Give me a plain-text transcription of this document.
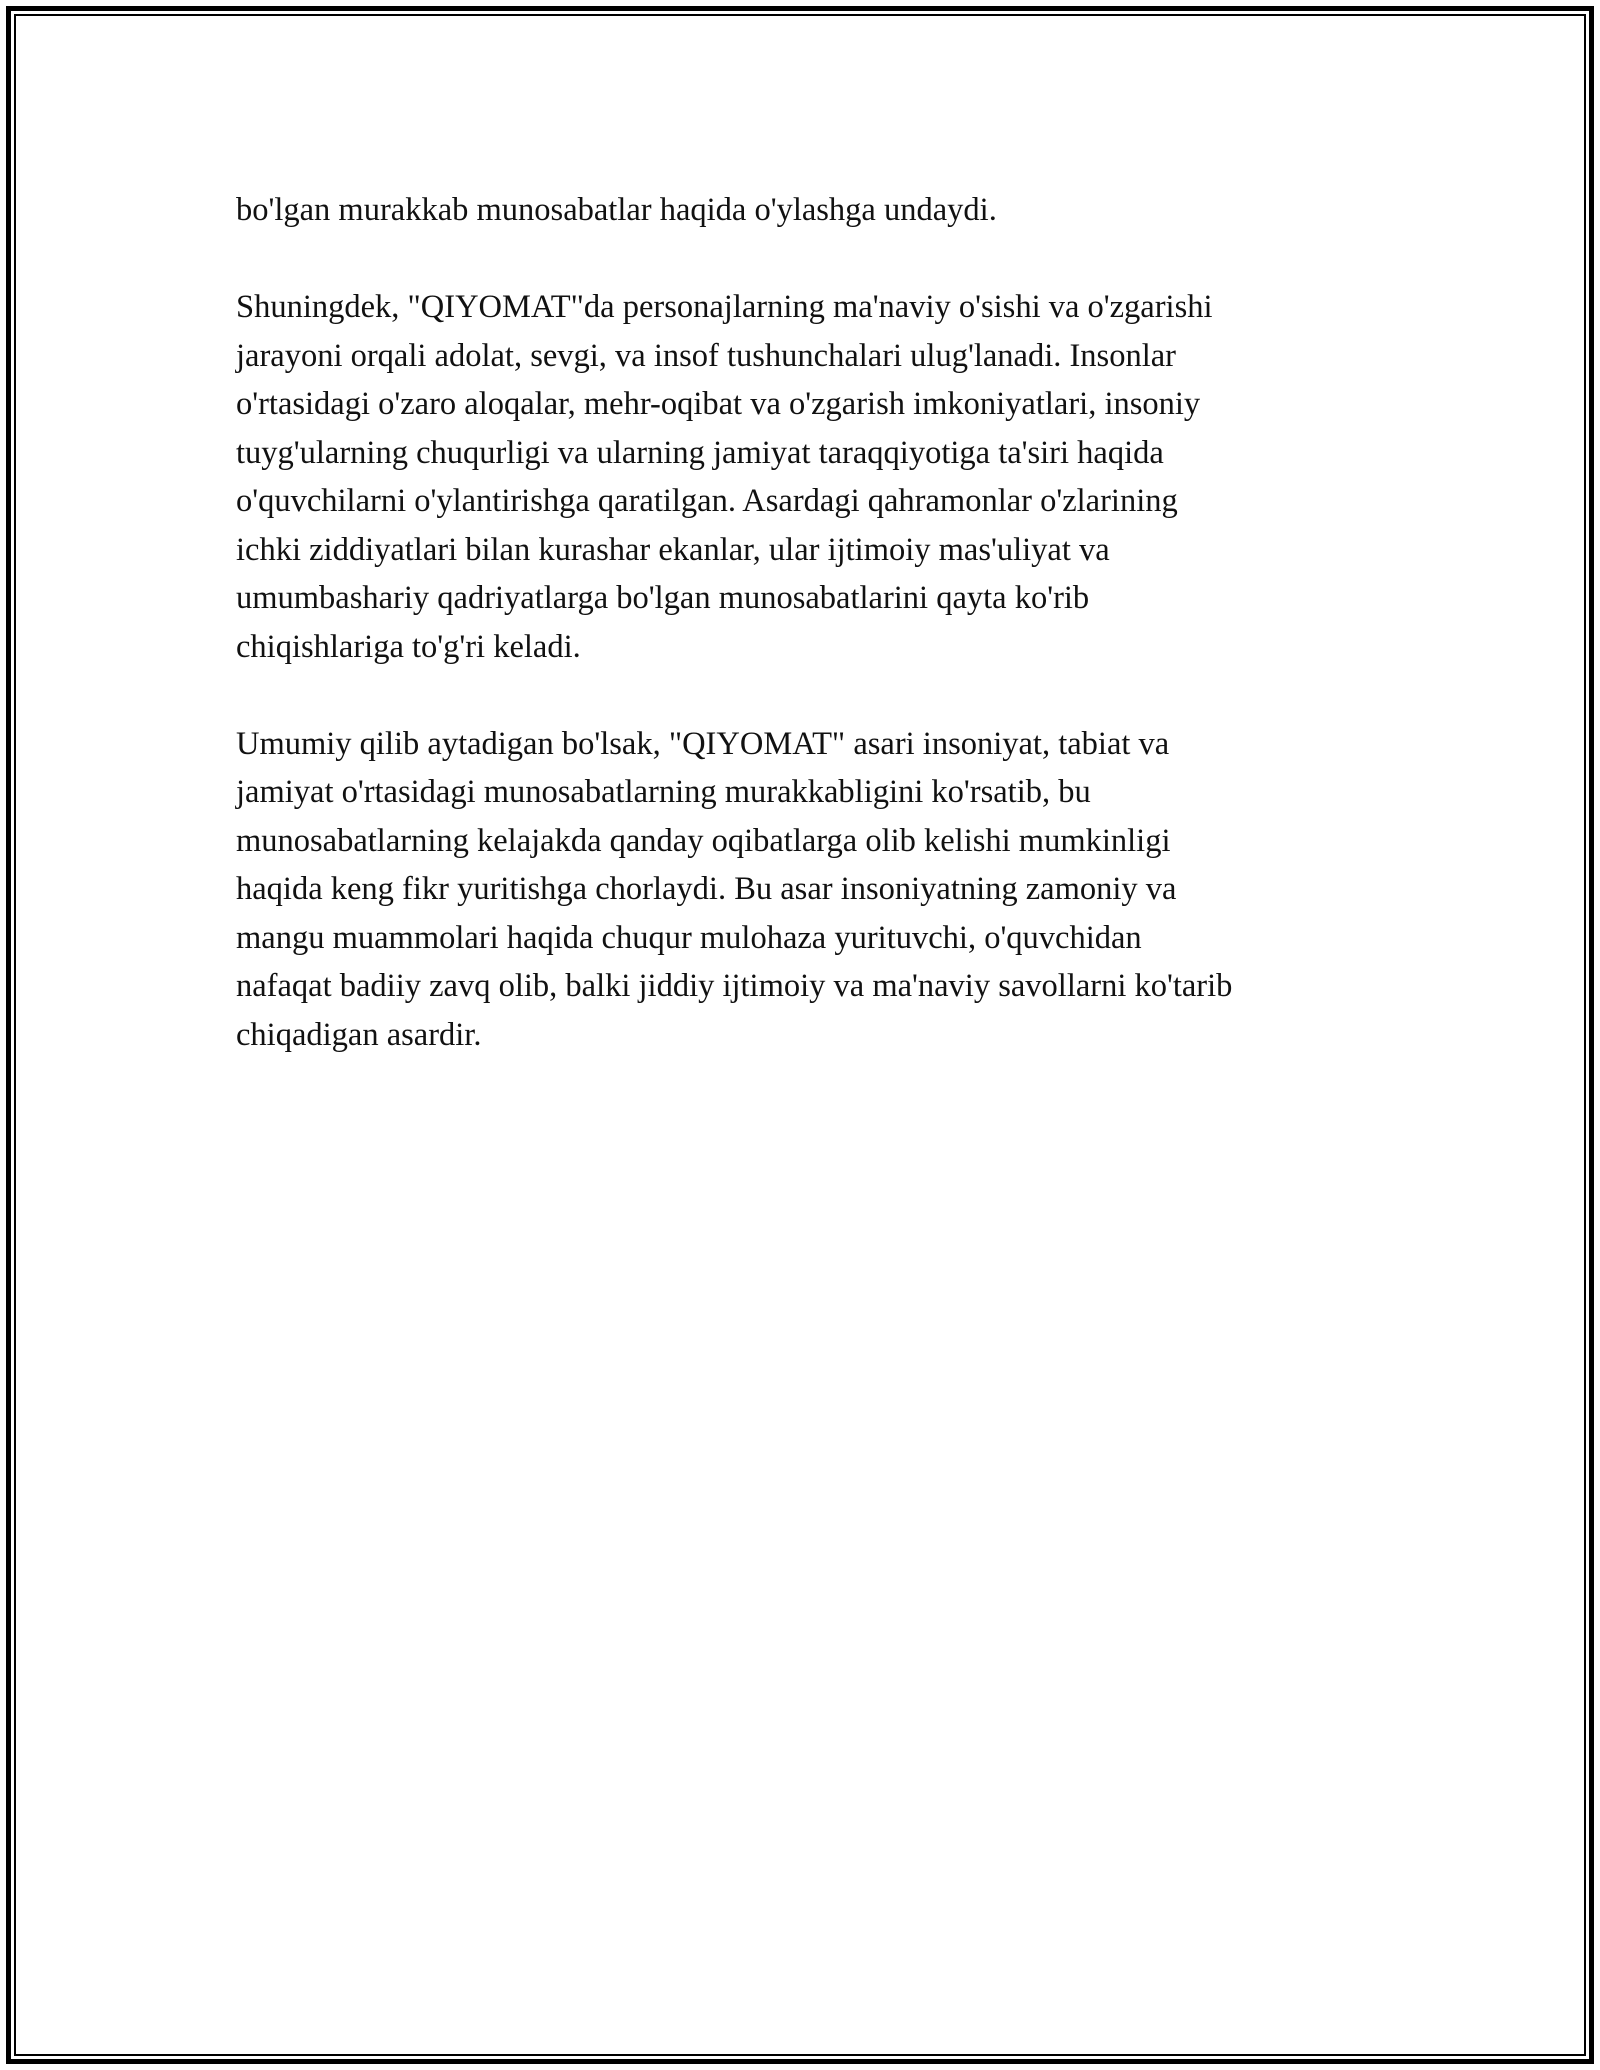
bo'lgan murakkab munosabatlar haqida o'ylashga undaydi.

Shuningdek, "QIYOMAT"da personajlarning ma'naviy o'sishi va o'zgarishi
jarayoni orqali adolat, sevgi, va insof tushunchalari ulug'lanadi. Insonlar
o'rtasidagi o'zaro aloqalar, mehr-oqibat va o'zgarish imkoniyatlari, insoniy
tuyg'ularning chuqurligi va ularning jamiyat taraqqiyotiga ta'siri haqida
o'quvchilarni o'ylantirishga qaratilgan. Asardagi qahramonlar o'zlarining
ichki ziddiyatlari bilan kurashar ekanlar, ular ijtimoiy mas'uliyat va
umumbashariy qadriyatlarga bo'lgan munosabatlarini qayta ko'rib
chiqishlariga to'g'ri keladi.

Umumiy qilib aytadigan bo'lsak, "QIYOMAT" asari insoniyat, tabiat va
jamiyat o'rtasidagi munosabatlarning murakkabligini ko'rsatib, bu
munosabatlarning kelajakda qanday oqibatlarga olib kelishi mumkinligi
haqida keng fikr yuritishga chorlaydi. Bu asar insoniyatning zamoniy va
mangu muammolari haqida chuqur mulohaza yurituvchi, o'quvchidan
nafaqat badiiy zavq olib, balki jiddiy ijtimoiy va ma'naviy savollarni ko'tarib
chiqadigan asardir.
